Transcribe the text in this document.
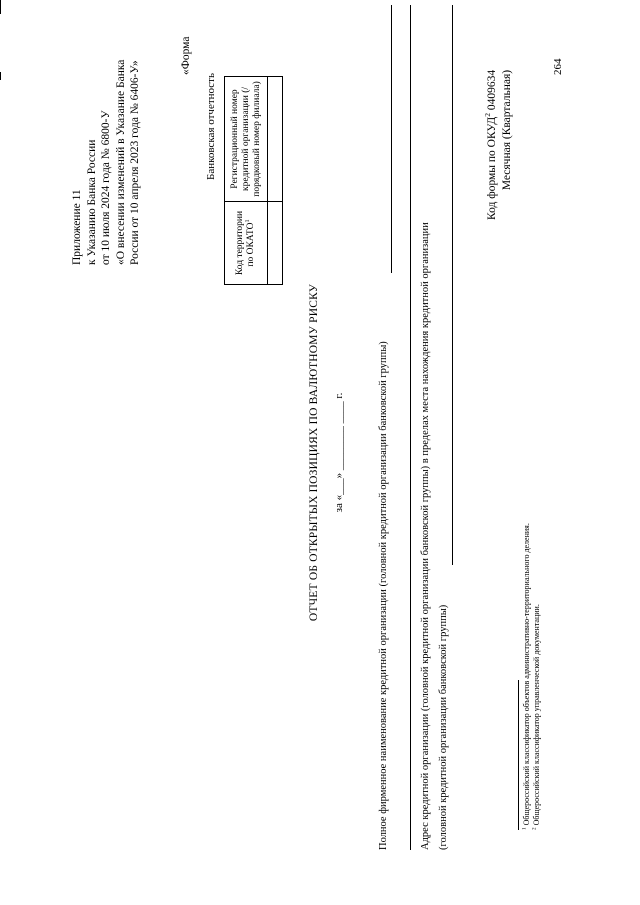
Приложение 11 к Указанию Банка России от 10 июля 2024 года № 6800-У «О внесении изменений в Указание Банка России от 10 апреля 2023 года № 6406-У»
«Форма
Банковская отчетность
Код территории по ОКАТО$^1$	Регистрационный номер кредитной организации (/ порядковый номер филиала)

ОТЧЕТ ОБ ОТКРЫТЫХ ПОЗИЦИЯХ ПО ВАЛЮТНОМУ РИСКУ за «___» ________ ____ г.	Полное фирменное наименование кредитной организации (головной кредитной организации банковской группы)	Адрес кредитной организации (головной кредитной организации банковской группы) в пределах места нахождения кредитной организации (головной кредитной организации банковской группы)
Код формы по ОКУД$^2$ 0409634 Месячная (Квартальная)
264
$^1$ Общероссийский классификатор объектов административно-территориального деления.
$^2$ Общероссийский классификатор управленческой документации.
